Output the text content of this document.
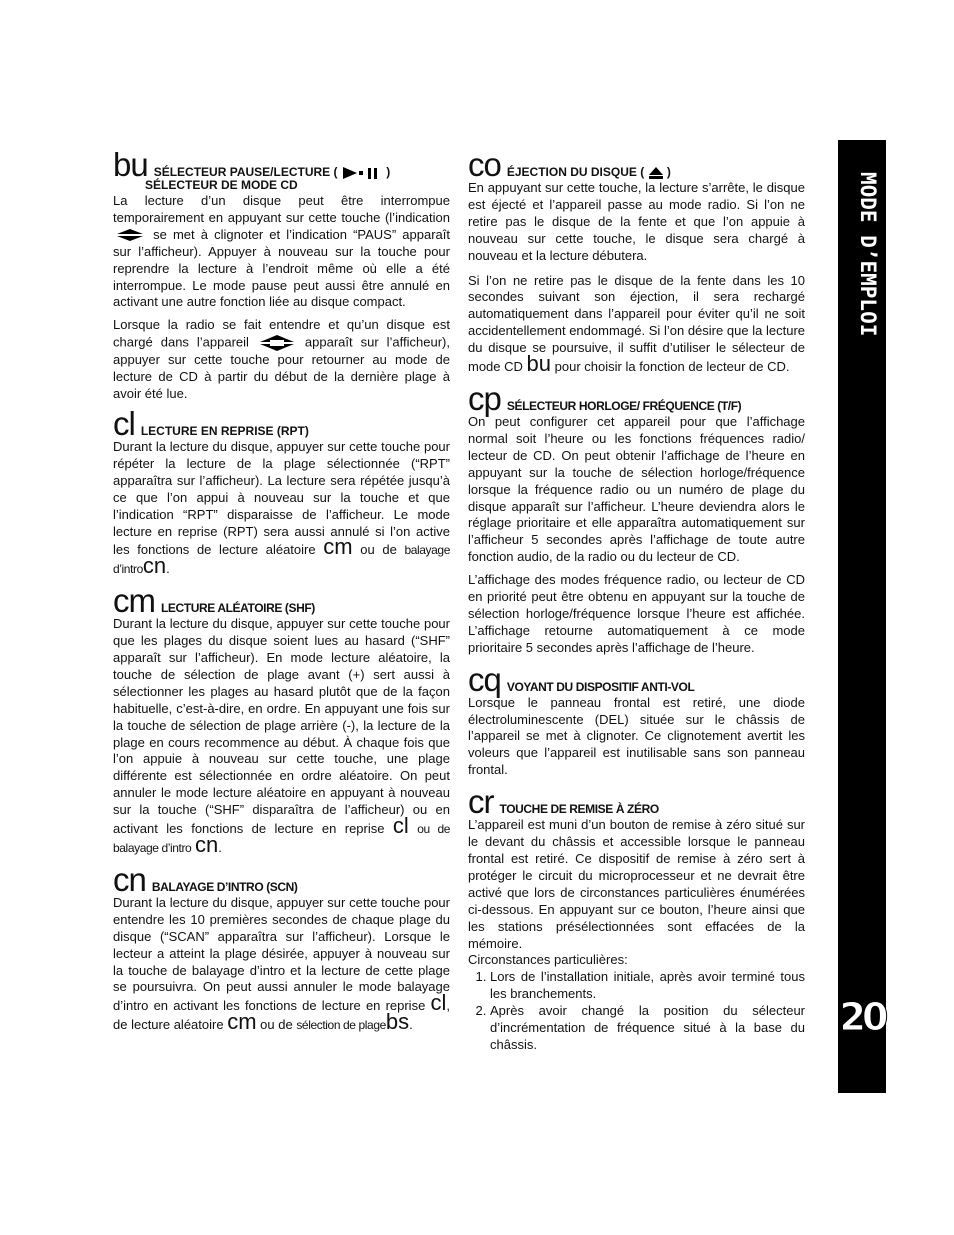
bu SÉLECTEUR PAUSE/LECTURE (	)
SÉLECTEUR DE MODE CD

La lecture d’un disque peut être interrompue temporairement en appuyant sur cette touche (l’indication  se met à clignoter et l’indication “PAUS” apparaît sur l’afficheur). Appuyer à nouveau sur la touche pour reprendre la lecture à l’endroit même où elle a été interrompue. Le mode pause peut aussi être annulé en activant une autre fonction liée au disque compact.

Lorsque la radio se fait entendre et qu’un disque est chargé dans l’appareil	apparaît sur l’afficheur), appuyer sur cette touche pour retourner au mode de lecture de CD à partir du début de la dernière plage à avoir été lue.

cl LECTURE EN REPRISE (RPT)

Durant la lecture du disque, appuyer sur cette touche pour répéter la lecture de la plage sélectionnée (“RPT” apparaîtra sur l’afficheur). La lecture sera répétée jusqu’à ce que l’on appui à nouveau sur la touche et que l’indication “RPT” disparaisse de l’afficheur. Le mode lecture en reprise (RPT) sera aussi annulé si l’on active les fonctions de lecture aléatoire cm ou de balayage d’introcn.

cm LECTURE ALÉATOIRE (SHF)

Durant la lecture du disque, appuyer sur cette touche pour que les plages du disque soient lues au hasard (“SHF” apparaît sur l’afficheur). En mode lecture aléatoire, la touche de sélection de plage avant (+) sert aussi à sélectionner les plages au hasard plutôt que de la façon habituelle, c’est-à-dire, en ordre. En appuyant une fois sur la touche de sélection de plage arrière (-), la lecture de la plage en cours recommence au début. À chaque fois que l’on appuie à nouveau sur cette touche, une plage différente est sélectionnée en ordre aléatoire. On peut annuler le mode lecture aléatoire en appuyant à nouveau sur la touche (“SHF” disparaîtra de l’afficheur) ou en activant les fonctions de lecture en reprise cl ou de balayage d’intro cn.

cn BALAYAGE D’INTRO (SCN)

Durant la lecture du disque, appuyer sur cette touche pour entendre les 10 premières secondes de chaque plage du disque (“SCAN” apparaîtra sur l’afficheur). Lorsque le lecteur a atteint la plage désirée, appuyer à nouveau sur la touche de balayage d’intro et la lecture de cette plage se poursuivra. On peut aussi annuler le mode balayage d’intro en activant les fonctions de lecture en reprise cl, de lecture aléatoire cm ou de sélection de plagebs.

co ÉJECTION DU DISQUE ( )

En appuyant sur cette touche, la lecture s’arrête, le disque est éjecté et l’appareil passe au mode radio. Si l’on ne retire pas le disque de la fente et que l’on appuie à nouveau sur cette touche, le disque sera chargé à nouveau et la lecture débutera.

Si l’on ne retire pas le disque de la fente dans les 10 secondes suivant son éjection, il sera rechargé automatiquement dans l’appareil pour éviter qu’il ne soit accidentellement endommagé. Si l’on désire que la lecture du disque se poursuive, il suffit d’utiliser le sélecteur de mode CD bu pour choisir la fonction de lecteur de CD.

cp SÉLECTEUR HORLOGE/ FRÉQUENCE (T/F)

On peut configurer cet appareil pour que l’affichage normal soit l’heure ou les fonctions fréquences radio/ lecteur de CD. On peut obtenir l’affichage de l’heure en appuyant sur la touche de sélection horloge/fréquence lorsque la fréquence radio ou un numéro de plage du disque apparaît sur l’afficheur. L’heure deviendra alors le réglage prioritaire et elle apparaîtra automatiquement sur l’afficheur 5 secondes après l’affichage de toute autre fonction audio, de la radio ou du lecteur de CD.

L’affichage des modes fréquence radio, ou lecteur de CD en priorité peut être obtenu en appuyant sur la touche de sélection horloge/fréquence lorsque l’heure est affichée. L’affichage retourne automatiquement à ce mode prioritaire 5 secondes après l’affichage de l’heure.

cq VOYANT DU DISPOSITIF ANTI-VOL

Lorsque le panneau frontal est retiré, une diode électroluminescente (DEL) située sur le châssis de l’appareil se met à clignoter. Ce clignotement avertit les voleurs que l’appareil est inutilisable sans son panneau frontal.

cr TOUCHE DE REMISE À ZÉRO

L’appareil est muni d’un bouton de remise à zéro situé sur le devant du châssis et accessible lorsque le panneau frontal est retiré. Ce dispositif de remise à zéro sert à protéger le circuit du microprocesseur et ne devrait être activé que lors de circonstances particulières énumérées ci-dessous. En appuyant sur ce bouton, l’heure ainsi que les stations présélectionnées sont effacées de la mémoire.

Circonstances particulières:
1. Lors de l’installation initiale, après avoir terminé tous les branchements.
2. Après avoir changé la position du sélecteur d’incrémentation de fréquence situé à la base du châssis.
MODE D’EMPLOI
20
